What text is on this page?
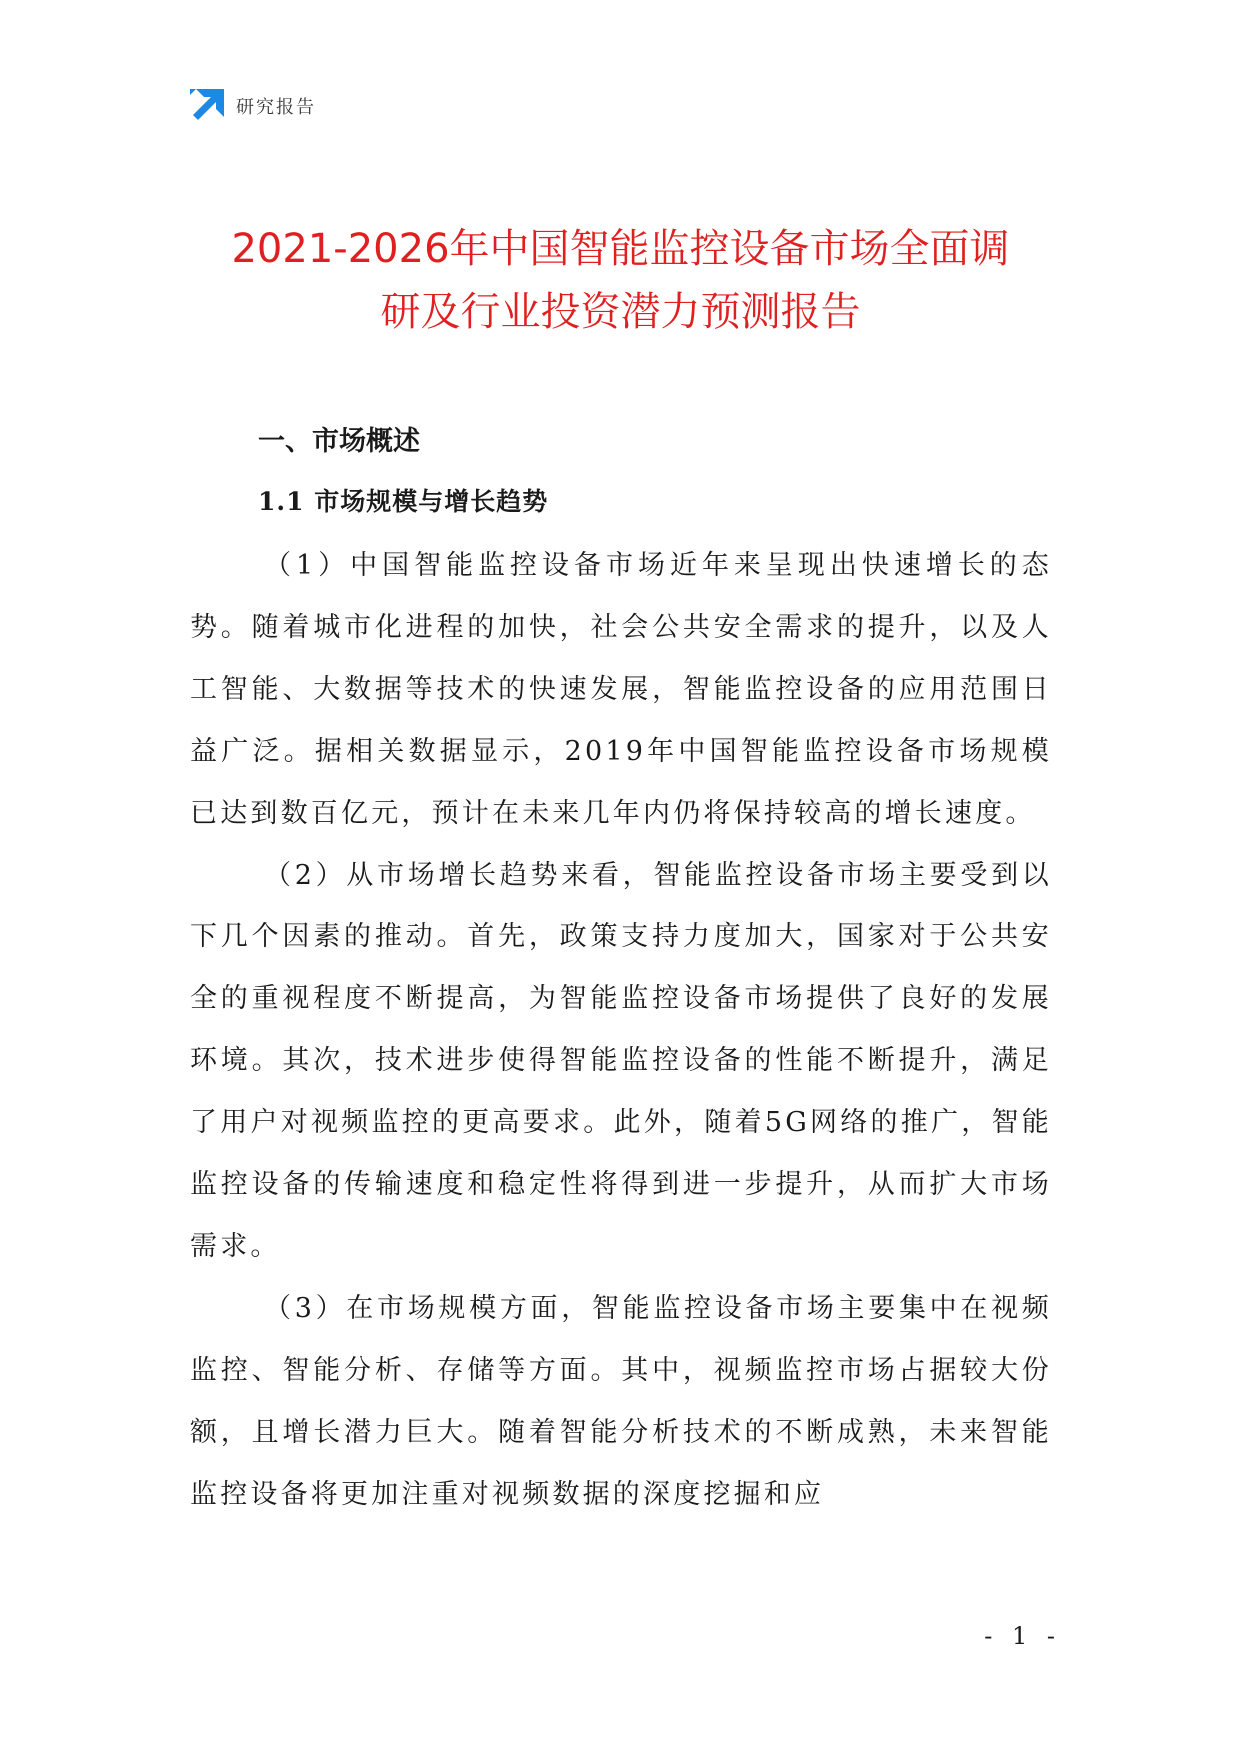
研究报告
2021-2026年中国智能监控设备市场全面调
研及行业投资潜力预测报告
一、市场概述
1.1 市场规模与增长趋势

（1）中国智能监控设备市场近年来呈现出快速增长的态势。随着城市化进程的加快，社会公共安全需求的提升，以及人工智能、大数据等技术的快速发展，智能监控设备的应用范围日益广泛。据相关数据显示，2019年中国智能监控设备市场规模已达到数百亿元，预计在未来几年内仍将保持较高的增长速度。

（2）从市场增长趋势来看，智能监控设备市场主要受到以下几个因素的推动。首先，政策支持力度加大，国家对于公共安全的重视程度不断提高，为智能监控设备市场提供了良好的发展环境。其次，技术进步使得智能监控设备的性能不断提升，满足了用户对视频监控的更高要求。此外，随着5G网络的推广，智能监控设备的传输速度和稳定性将得到进一步提升，从而扩大市场需求。

（3）在市场规模方面，智能监控设备市场主要集中在视频监控、智能分析、存储等方面。其中，视频监控市场占据较大份额，且增长潜力巨大。随着智能分析技术的不断成熟，未来智能监控设备将更加注重对视频数据的深度挖掘和应

- 1 -
